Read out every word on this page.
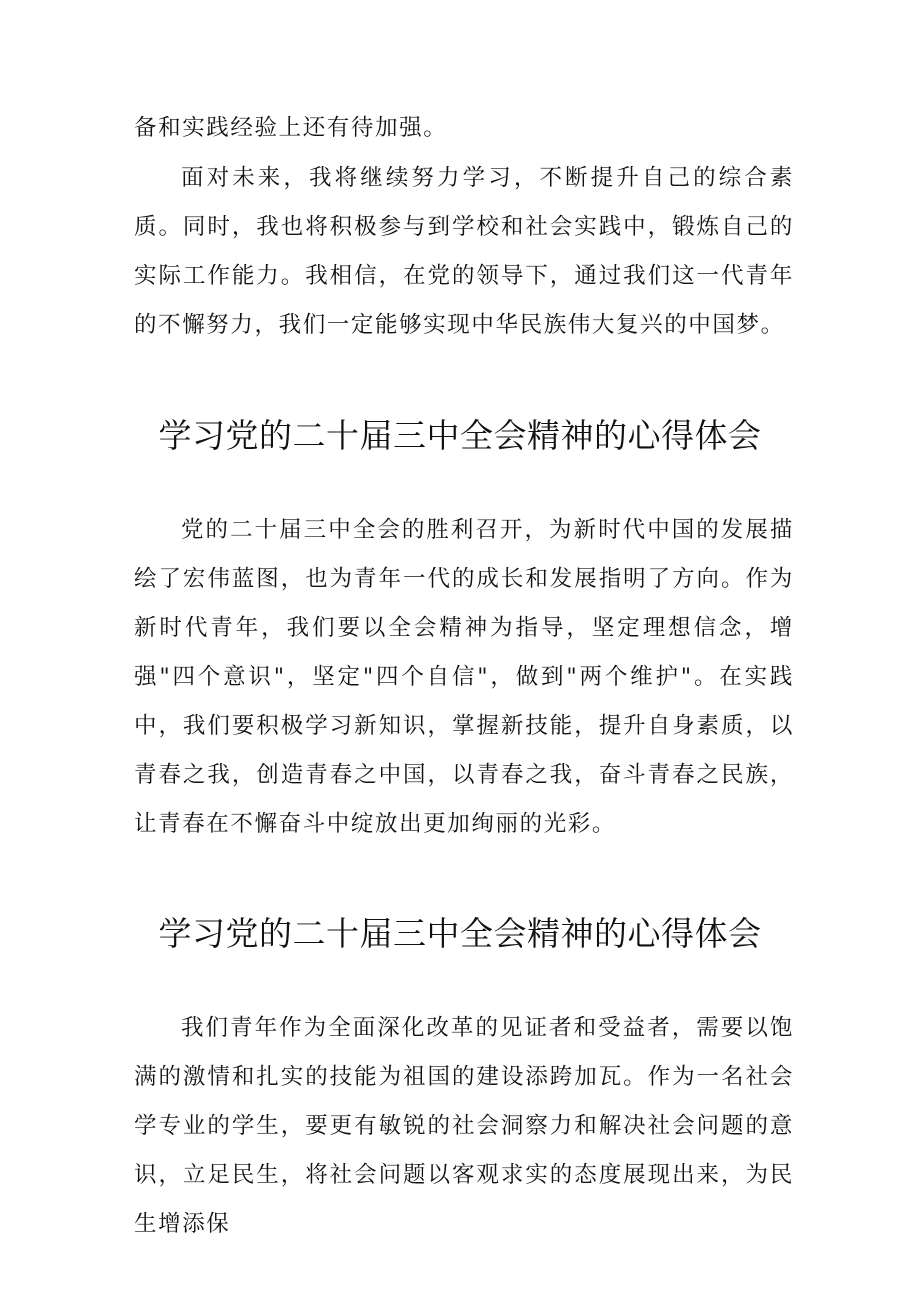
备和实践经验上还有待加强。

面对未来，我将继续努力学习，不断提升自己的综合素质。同时，我也将积极参与到学校和社会实践中，锻炼自己的实际工作能力。我相信，在党的领导下，通过我们这一代青年的不懈努力，我们一定能够实现中华民族伟大复兴的中国梦。

学习党的二十届三中全会精神的心得体会

党的二十届三中全会的胜利召开，为新时代中国的发展描绘了宏伟蓝图，也为青年一代的成长和发展指明了方向。作为新时代青年，我们要以全会精神为指导，坚定理想信念，增强"四个意识"，坚定"四个自信"，做到"两个维护"。在实践中，我们要积极学习新知识，掌握新技能，提升自身素质，以青春之我，创造青春之中国，以青春之我，奋斗青春之民族，让青春在不懈奋斗中绽放出更加绚丽的光彩。

学习党的二十届三中全会精神的心得体会

我们青年作为全面深化改革的见证者和受益者，需要以饱满的激情和扎实的技能为祖国的建设添跨加瓦。作为一名社会学专业的学生，要更有敏锐的社会洞察力和解决社会问题的意识，立足民生，将社会问题以客观求实的态度展现出来，为民生增添保
